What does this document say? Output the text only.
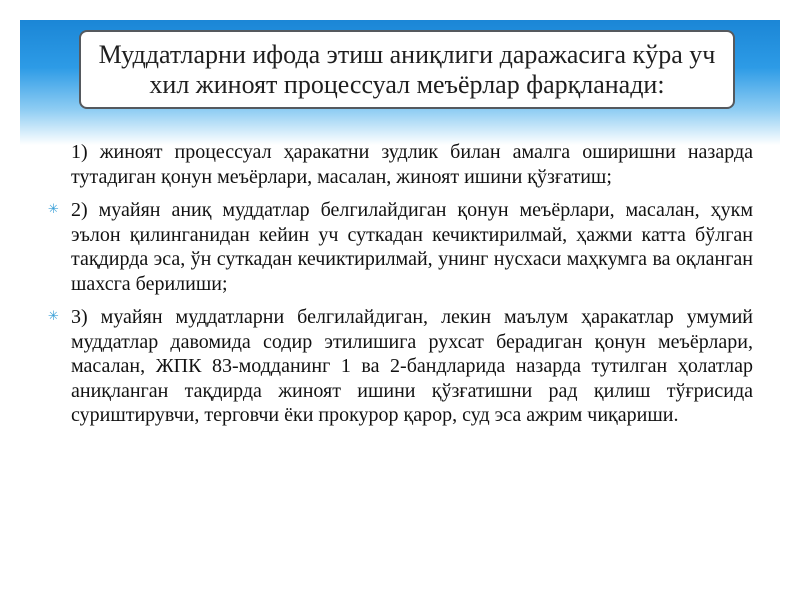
Муддатларни ифода этиш аниқлиги даражасига кўра уч хил жиноят процессуал меъёрлар фарқланади:
1) жиноят процессуал ҳаракатни зудлик билан амалга оширишни назарда тутадиган қонун меъёрлари, масалан, жиноят ишини қўзғатиш;
✳ 2) муайян аниқ муддатлар белгилайдиган қонун меъёрлари, масалан, ҳукм эълон қилинганидан кейин уч суткадан кечиктирилмай, ҳажми катта бўлган тақдирда эса, ўн суткадан кечиктирилмай, унинг нусхаси маҳкумга ва оқланган шахсга берилиши;
✳ 3) муайян муддатларни белгилайдиган, лекин маълум ҳаракатлар умумий муддатлар давомида содир этилишига рухсат берадиган қонун меъёрлари, масалан, ЖПК 83-модданинг 1 ва 2-бандларида назарда тутилган ҳолатлар аниқланган тақдирда жиноят ишини қўзғатишни рад қилиш тўғрисида суриштирувчи, терговчи ёки прокурор қарор, суд эса ажрим чиқариши.
